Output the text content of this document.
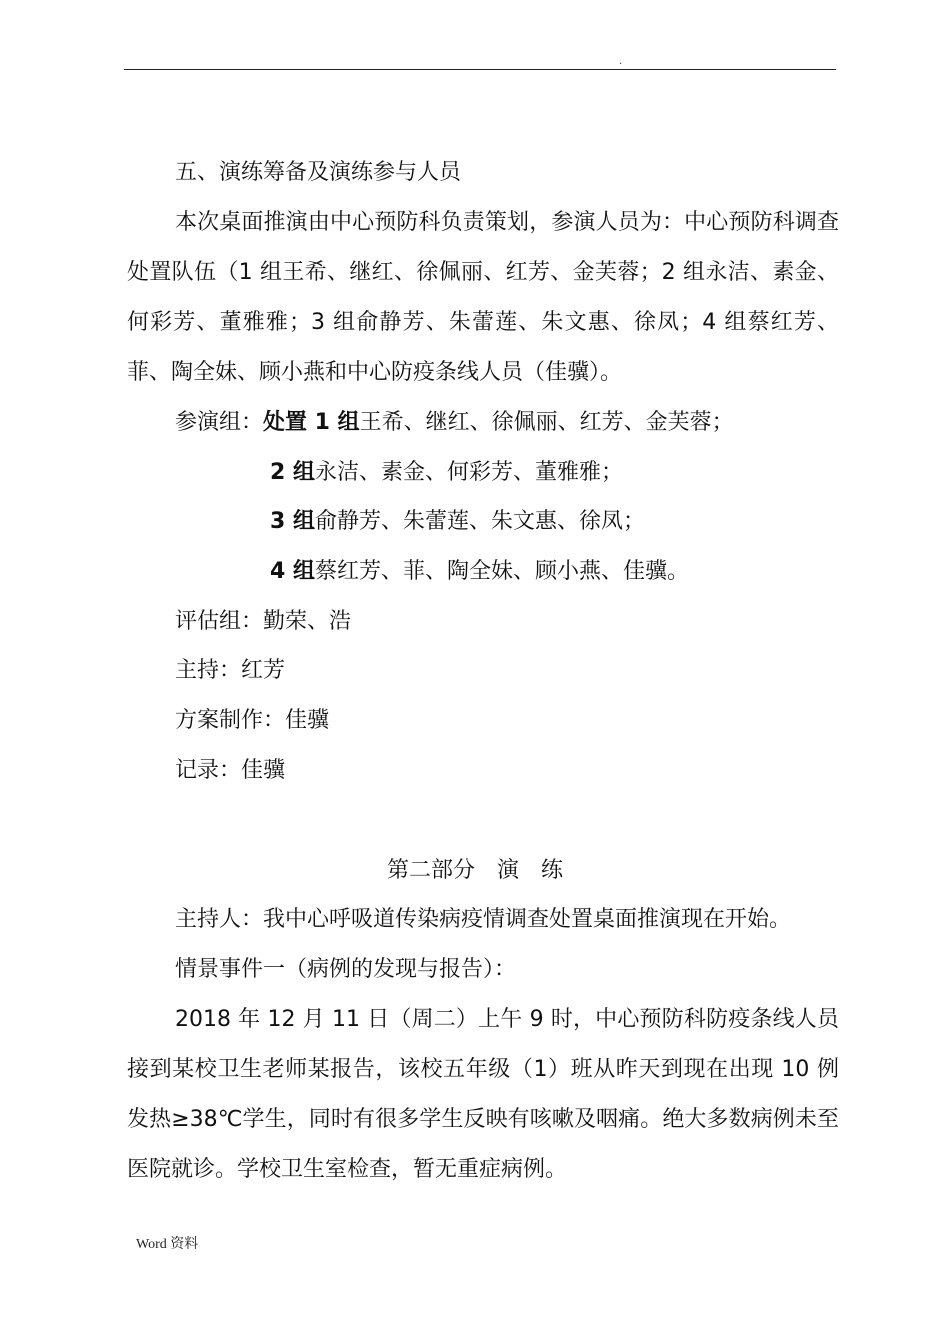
.
五、演练筹备及演练参与人员
本次桌面推演由中心预防科负责策划，参演人员为：中心预防科调查处置队伍（1 组王希、继红、徐佩丽、红芳、金芙蓉；2 组永洁、素金、何彩芳、董雅雅；3 组俞静芳、朱蕾莲、朱文惠、徐凤；4 组蔡红芳、菲、陶全妹、顾小燕和中心防疫条线人员（佳骥）。
参演组：处置 1 组王希、继红、徐佩丽、红芳、金芙蓉；
2 组永洁、素金、何彩芳、董雅雅；
3 组俞静芳、朱蕾莲、朱文惠、徐凤；
4 组蔡红芳、菲、陶全妹、顾小燕、佳骥。
评估组：勤荣、浩
主持：红芳
方案制作：佳骥
记录：佳骥
第二部分　演　练
主持人：我中心呼吸道传染病疫情调查处置桌面推演现在开始。
情景事件一（病例的发现与报告）：
2018 年 12 月 11 日（周二）上午 9 时，中心预防科防疫条线人员接到某校卫生老师某报告，该校五年级（1）班从昨天到现在出现 10 例发热≥38℃学生，同时有很多学生反映有咳嗽及咽痛。绝大多数病例未至医院就诊。学校卫生室检查，暂无重症病例。
Word 资料
